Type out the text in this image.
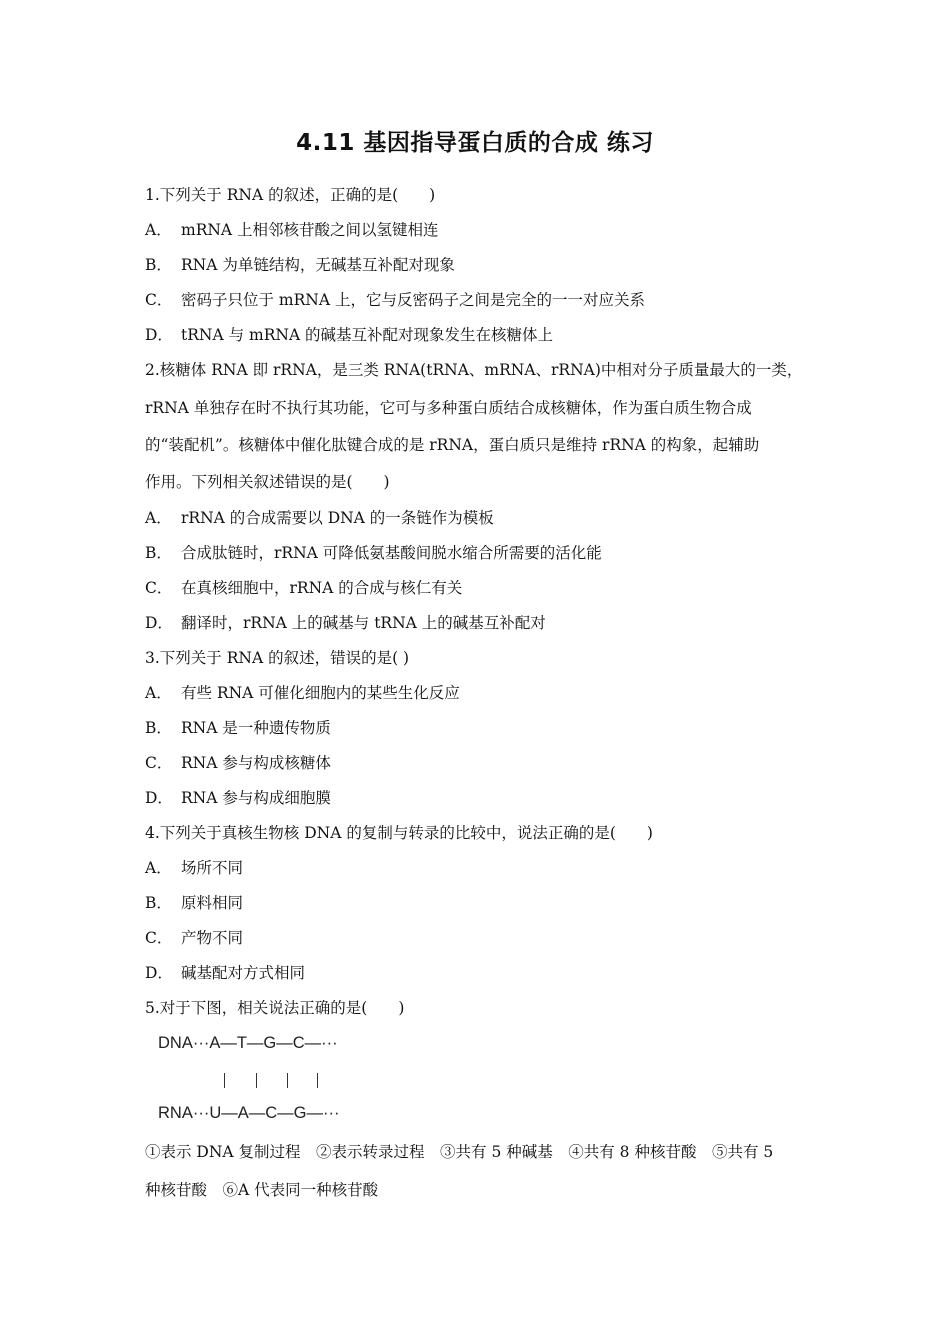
4.11 基因指导蛋白质的合成 练习
1.下列关于 RNA 的叙述，正确的是(　　)
A． mRNA 上相邻核苷酸之间以氢键相连
B． RNA 为单链结构，无碱基互补配对现象
C． 密码子只位于 mRNA 上，它与反密码子之间是完全的一一对应关系
D． tRNA 与 mRNA 的碱基互补配对现象发生在核糖体上
2.核糖体 RNA 即 rRNA，是三类 RNA(tRNA、mRNA、rRNA)中相对分子质量最大的一类，
rRNA 单独存在时不执行其功能，它可与多种蛋白质结合成核糖体，作为蛋白质生物合成
的“装配机”。核糖体中催化肽键合成的是 rRNA，蛋白质只是维持 rRNA 的构象，起辅助
作用。下列相关叙述错误的是(　　)
A． rRNA 的合成需要以 DNA 的一条链作为模板
B． 合成肽链时，rRNA 可降低氨基酸间脱水缩合所需要的活化能
C． 在真核细胞中，rRNA 的合成与核仁有关
D． 翻译时，rRNA 上的碱基与 tRNA 上的碱基互补配对
3.下列关于 RNA 的叙述，错误的是( )
A． 有些 RNA 可催化细胞内的某些生化反应
B． RNA 是一种遗传物质
C． RNA 参与构成核糖体
D． RNA 参与构成细胞膜
4.下列关于真核生物核 DNA 的复制与转录的比较中，说法正确的是(　　)
A． 场所不同
B． 原料相同
C． 产物不同
D． 碱基配对方式相同
5.对于下图，相关说法正确的是(　　)
DNA···A—T—G—C—···
RNA···U—A—C—G—···
①表示 DNA 复制过程　②表示转录过程　③共有 5 种碱基　④共有 8 种核苷酸　⑤共有 5
种核苷酸　⑥A 代表同一种核苷酸
